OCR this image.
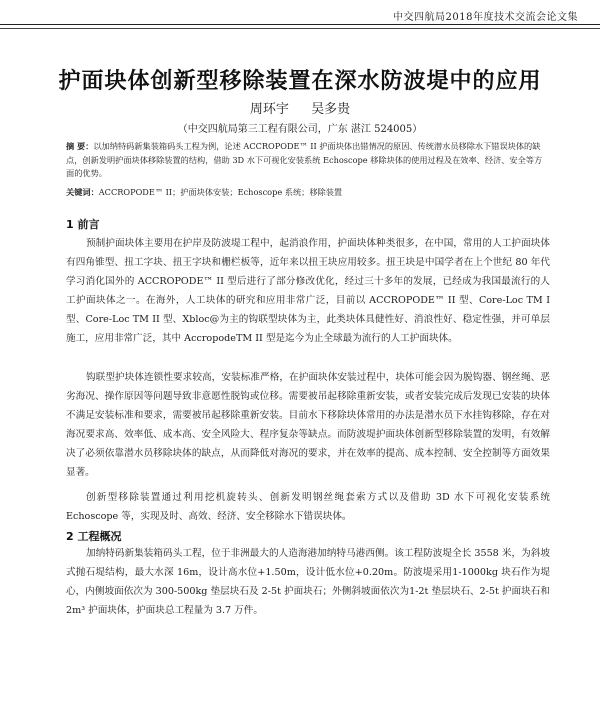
中交四航局2018年度技术交流会论文集
护面块体创新型移除装置在深水防波堤中的应用
周环宇 吴多贵
（中交四航局第三工程有限公司，广东 湛江 524005）
摘 要：以加纳特码新集装箱码头工程为例，论述 ACCROPODE™ II 护面块体出错情况的原因、传统潜水员移除水下错误块体的缺点，创新发明护面块体移除装置的结构，借助 3D 水下可视化安装系统 Echoscope 移除块体的使用过程及在效率、经济、安全等方面的优势。
关键词：ACCROPODE™ II；护面块体安装；Echoscope 系统；移除装置
1 前言
预制护面块体主要用在护岸及防波堤工程中，起消浪作用，护面块体种类很多，在中国，常用的人工护面块体有四角锥型、扭工字块、扭王字块和栅栏板等，近年来以扭王块应用较多。扭王块是中国学者在上个世纪 80 年代学习消化国外的 ACCROPODE™ II 型后进行了部分修改优化，经过三十多年的发展，已经成为我国最流行的人工护面块体之一。在海外，人工块体的研究和应用非常广泛，目前以 ACCROPODE™ II 型、Core-Loc TM I 型、Core-Loc TM II 型、Xbloc@为主的钩联型块体为主，此类块体具健性好、消浪性好、稳定性强，并可单层施工，应用非常广泛，其中 AccropodeTM II 型是迄今为止全球最为流行的人工护面块体。
钩联型护块体连锁性要求较高，安装标准严格，在护面块体安装过程中，块体可能会因为脱钩器、钢丝绳、恶劣海况、操作原因等问题导致非意愿性脱钩或位移。需要被吊起移除重新安装，或者安装完成后发现已安装的块体不满足安装标准和要求，需要被吊起移除重新安装。目前水下移除块体常用的办法是潜水员下水挂钩移除，存在对海况要求高、效率低、成本高、安全风险大、程序复杂等缺点。而防波堤护面块体创新型移除装置的发明，有效解决了必须依靠潜水员移除块体的缺点，从而降低对海况的要求，并在效率的提高、成本控制、安全控制等方面效果显著。
创新型移除装置通过利用挖机旋转头、创新发明钢丝绳套索方式以及借助 3D 水下可视化安装系统 Echoscope 等，实现及时、高效、经济、安全移除水下错误块体。
2 工程概况
加纳特码新集装箱码头工程，位于非洲最大的人造海港加纳特马港西侧。该工程防波堤全长 3558 米，为斜坡式抛石堤结构，最大水深 16m，设计高水位+1.50m，设计低水位+0.20m。防波堤采用1-1000kg 块石作为堤心，内侧坡面依次为 300-500kg 垫层块石及 2-5t 护面块石；外侧斜坡面依次为1-2t 垫层块石、2-5t 护面块石和 2m³ 护面块体，护面块总工程量为 3.7 万件。
